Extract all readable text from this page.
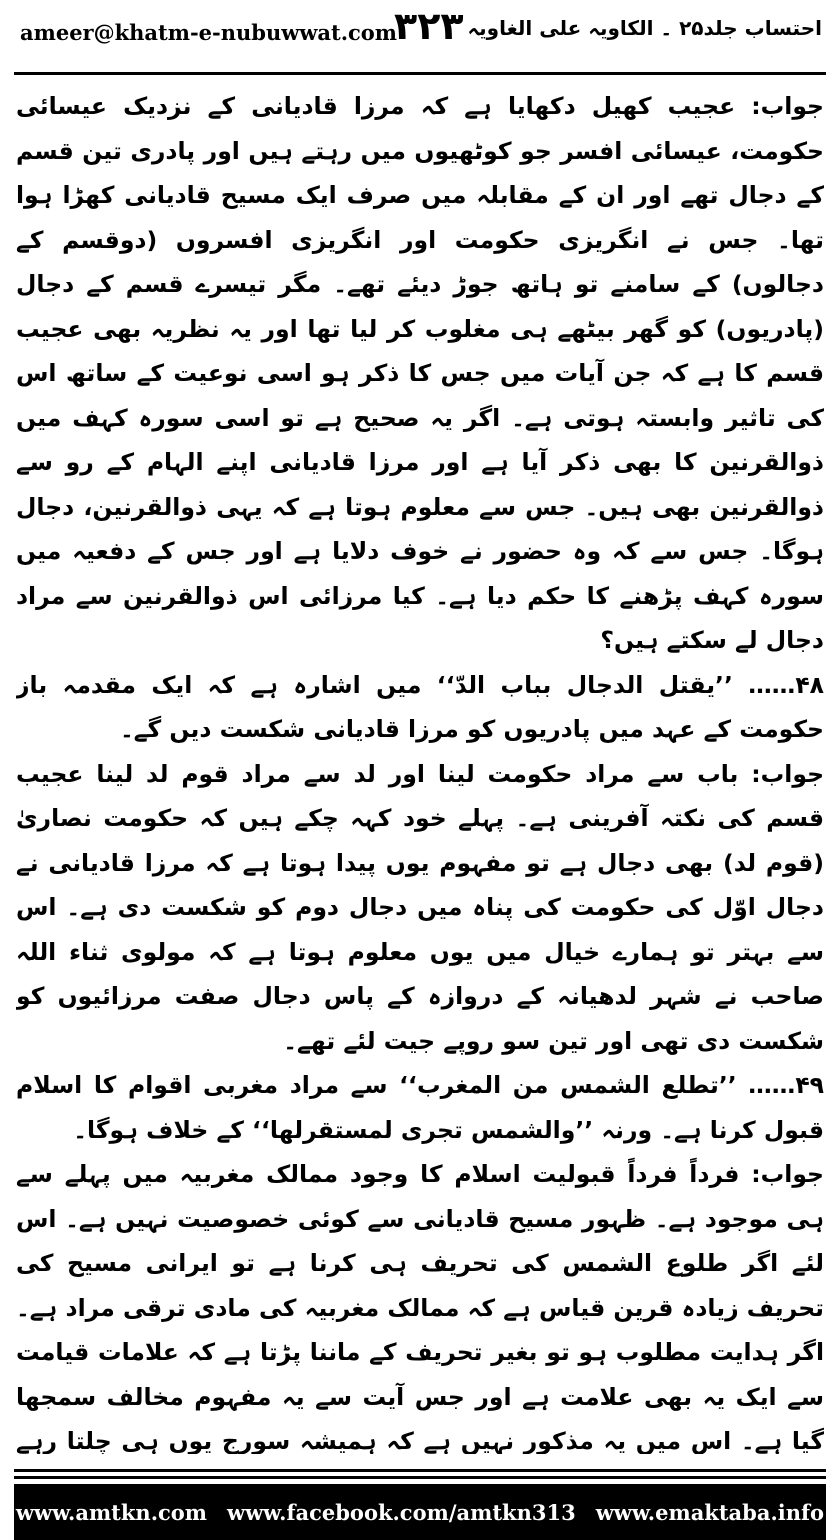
ameer@khatm-e-nubuwwat.com
۳۲۳ احتساب جلد۲۵ ۔ الکاویہ علی الغاویہ

جواب: عجیب کھیل دکھایا ہے کہ مرزا قادیانی کے نزدیک عیسائی حکومت، عیسائی افسر جو کوٹھیوں میں رہتے ہیں اور پادری تین قسم کے دجال تھے اور ان کے مقابلہ میں صرف ایک مسیح قادیانی کھڑا ہوا تھا۔ جس نے انگریزی حکومت اور انگریزی افسروں (دوقسم کے دجالوں) کے سامنے تو ہاتھ جوڑ دیئے تھے۔ مگر تیسرے قسم کے دجال (پادریوں) کو گھر بیٹھے ہی مغلوب کر لیا تھا اور یہ نظریہ بھی عجیب قسم کا ہے کہ جن آیات میں جس کا ذکر ہو اسی نوعیت کے ساتھ اس کی تاثیر وابستہ ہوتی ہے۔ اگر یہ صحیح ہے تو اسی سورہ کہف میں ذوالقرنین کا بھی ذکر آیا ہے اور مرزا قادیانی اپنے الہام کے رو سے ذوالقرنین بھی ہیں۔ جس سے معلوم ہوتا ہے کہ یہی ذوالقرنین، دجال ہوگا۔ جس سے کہ وہ حضور نے خوف دلایا ہے اور جس کے دفعیہ میں سورہ کہف پڑھنے کا حکم دیا ہے۔ کیا مرزائی اس ذوالقرنین سے مراد دجال لے سکتے ہیں؟

۴۸…… ’’یقتل الدجال بباب الدّ‘‘ میں اشارہ ہے کہ ایک مقدمہ باز حکومت کے عہد میں پادریوں کو مرزا قادیانی شکست دیں گے۔

جواب: باب سے مراد حکومت لینا اور لد سے مراد قوم لد لینا عجیب قسم کی نکتہ آفرینی ہے۔ پہلے خود کہہ چکے ہیں کہ حکومت نصاریٰ (قوم لد) بھی دجال ہے تو مفہوم یوں پیدا ہوتا ہے کہ مرزا قادیانی نے دجال اوّل کی حکومت کی پناہ میں دجال دوم کو شکست دی ہے۔ اس سے بہتر تو ہمارے خیال میں یوں معلوم ہوتا ہے کہ مولوی ثناء اللہ صاحب نے شہر لدھیانہ کے دروازہ کے پاس دجال صفت مرزائیوں کو شکست دی تھی اور تین سو روپے جیت لئے تھے۔

۴۹…… ’’تطلع الشمس من المغرب‘‘ سے مراد مغربی اقوام کا اسلام قبول کرنا ہے۔ ورنہ ’’والشمس تجری لمستقرلها‘‘ کے خلاف ہوگا۔

جواب: فرداً فرداً قبولیت اسلام کا وجود ممالک مغربیہ میں پہلے سے ہی موجود ہے۔ ظہور مسیح قادیانی سے کوئی خصوصیت نہیں ہے۔ اس لئے اگر طلوع الشمس کی تحریف ہی کرنا ہے تو ایرانی مسیح کی تحریف زیادہ قرین قیاس ہے کہ ممالک مغربیہ کی مادی ترقی مراد ہے۔ اگر ہدایت مطلوب ہو تو بغیر تحریف کے ماننا پڑتا ہے کہ علامات قیامت سے ایک یہ بھی علامت ہے اور جس آیت سے یہ مفہوم مخالف سمجھا گیا ہے۔ اس میں یہ مذکور نہیں ہے کہ ہمیشہ سورج یوں ہی چلتا رہے

www.amtkn.com www.facebook.com/amtkn313 www.emaktaba.info
